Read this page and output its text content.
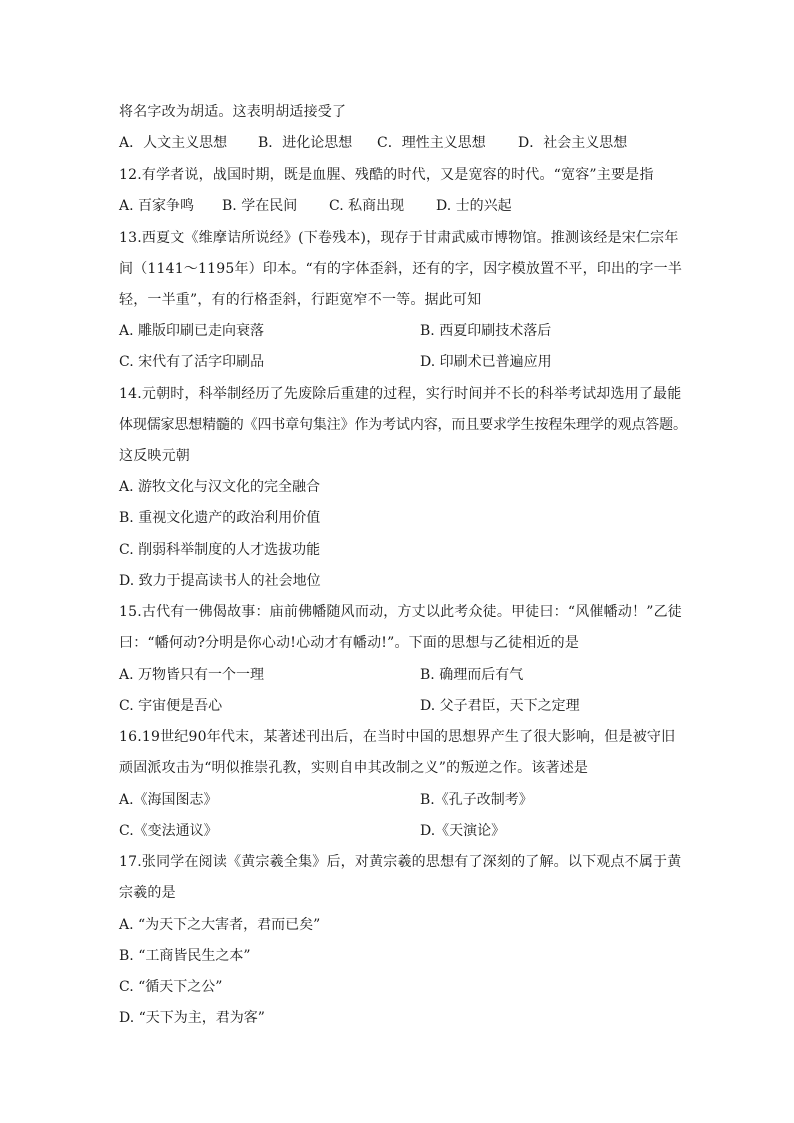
将名字改为胡适。这表明胡适接受了
A．人文主义思想 B．进化论思想 C．理性主义思想 D．社会主义思想
12.有学者说，战国时期，既是血腥、残酷的时代，又是宽容的时代。“宽容”主要是指
A. 百家争鸣 B. 学在民间 C. 私商出现 D. 士的兴起
13.西夏文《维摩诘所说经》(下卷残本)，现存于甘肃武威市博物馆。推测该经是宋仁宗年
间（1141～1195年）印本。“有的字体歪斜，还有的字，因字模放置不平，印出的字一半
轻，一半重”，有的行格歪斜，行距宽窄不一等。据此可知
A. 雕版印刷已走向衰落	B. 西夏印刷技术落后
C. 宋代有了活字印刷品	D. 印刷术已普遍应用
14.元朝时，科举制经历了先废除后重建的过程，实行时间并不长的科举考试却选用了最能
体现儒家思想精髓的《四书章句集注》作为考试内容，而且要求学生按程朱理学的观点答题。
这反映元朝
A. 游牧文化与汉文化的完全融合
B. 重视文化遗产的政治利用价值
C. 削弱科举制度的人才选拔功能
D. 致力于提高读书人的社会地位
15.古代有一佛偈故事：庙前佛幡随风而动，方丈以此考众徒。甲徒曰：“风催幡动！”乙徒
曰：“幡何动?分明是你心动!心动才有幡动!”。下面的思想与乙徒相近的是
A. 万物皆只有一个一理	B. 确理而后有气
C. 宇宙便是吾心	D. 父子君臣，天下之定理
16.19世纪90年代末，某著述刊出后，在当时中国的思想界产生了很大影响，但是被守旧
顽固派攻击为“明似推崇孔教，实则自申其改制之义”的叛逆之作。该著述是
A.《海国图志》	B.《孔子改制考》
C.《变法通议》	D.《天演论》
17.张同学在阅读《黄宗羲全集》后，对黄宗羲的思想有了深刻的了解。以下观点不属于黄
宗羲的是
A. “为天下之大害者，君而已矣”
B. “工商皆民生之本”
C. “循天下之公”
D. “天下为主，君为客”
